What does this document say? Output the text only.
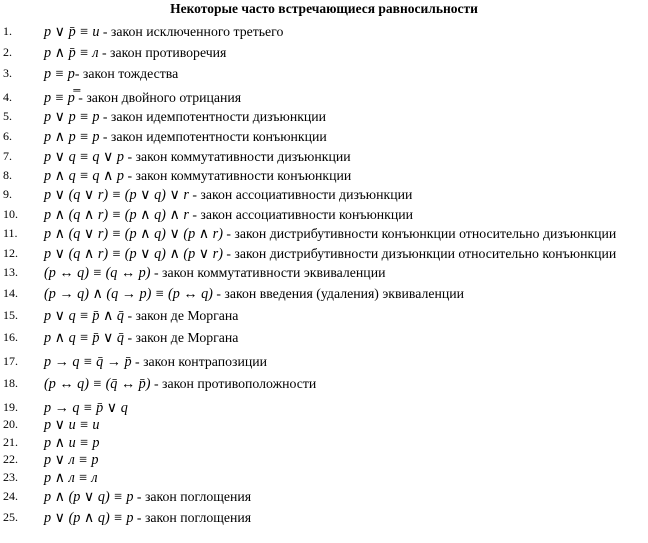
Некоторые часто встречающиеся равносильности
1. p ∨ p̄ ≡ u - закон исключенного третьего
2. p ∧ p̄ ≡ л - закон противоречия
3. p ≡ p- закон тождества
4. p ≡ p̿ - закон двойного отрицания
5. p ∨ p ≡ p - закон идемпотентности дизъюнкции
6. p ∧ p ≡ p - закон идемпотентности конъюнкции
7. p ∨ q ≡ q ∨ p - закон коммутативности дизъюнкции
8. p ∧ q ≡ q ∧ p - закон коммутативности конъюнкции
9. p ∨ (q ∨ r) ≡ (p ∨ q) ∨ r - закон ассоциативности дизъюнкции
10. p ∧ (q ∧ r) ≡ (p ∧ q) ∧ r - закон ассоциативности конъюнкции
11. p ∧ (q ∨ r) ≡ (p ∧ q) ∨ (p ∧ r) - закон дистрибутивности конъюнкции относительно дизъюнкции
12. p ∨ (q ∧ r) ≡ (p ∨ q) ∧ (p ∨ r) - закон дистрибутивности дизъюнкции относительно конъюнкции
13. (p ↔ q) ≡ (q ↔ p) - закон коммутативности эквиваленции
14. (p → q) ∧ (q → p) ≡ (p ↔ q) - закон введения (удаления) эквиваленции
15. p ∨ q ≡ p̄ ∧ q̄ - закон де Моргана
16. p ∧ q ≡ p̄ ∨ q̄ - закон де Моргана
17. p → q ≡ q̄ → p̄ - закон контрапозиции
18. (p ↔ q) ≡ (q̄ ↔ p̄) - закон противоположности
19. p → q ≡ p̄ ∨ q
20. p ∨ u ≡ u
21. p ∧ u ≡ p
22. p ∨ л ≡ p
23. p ∧ л ≡ л
24. p ∧ (p ∨ q) ≡ p - закон поглощения
25. p ∨ (p ∧ q) ≡ p - закон поглощения
